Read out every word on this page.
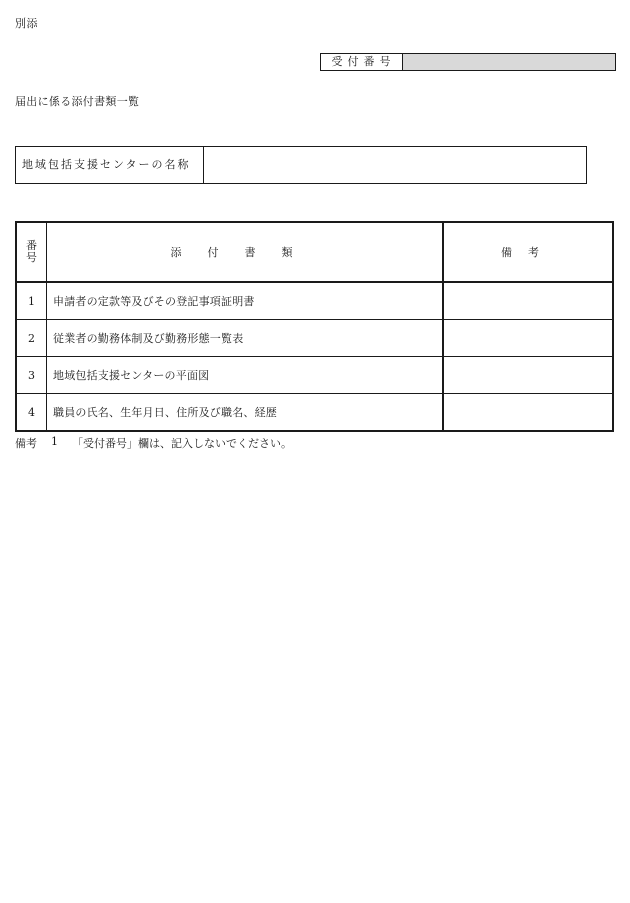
別添
受付番号
届出に係る添付書類一覧
地域包括支援センターの名称
番号	添付書類	備考
1	申請者の定款等及びその登記事項証明書	
2	従業者の勤務体制及び勤務形態一覧表	
3	地域包括支援センターの平面図	
4	職員の氏名、生年月日、住所及び職名、経歴	
備考 1 「受付番号」欄は、記入しないでください。
